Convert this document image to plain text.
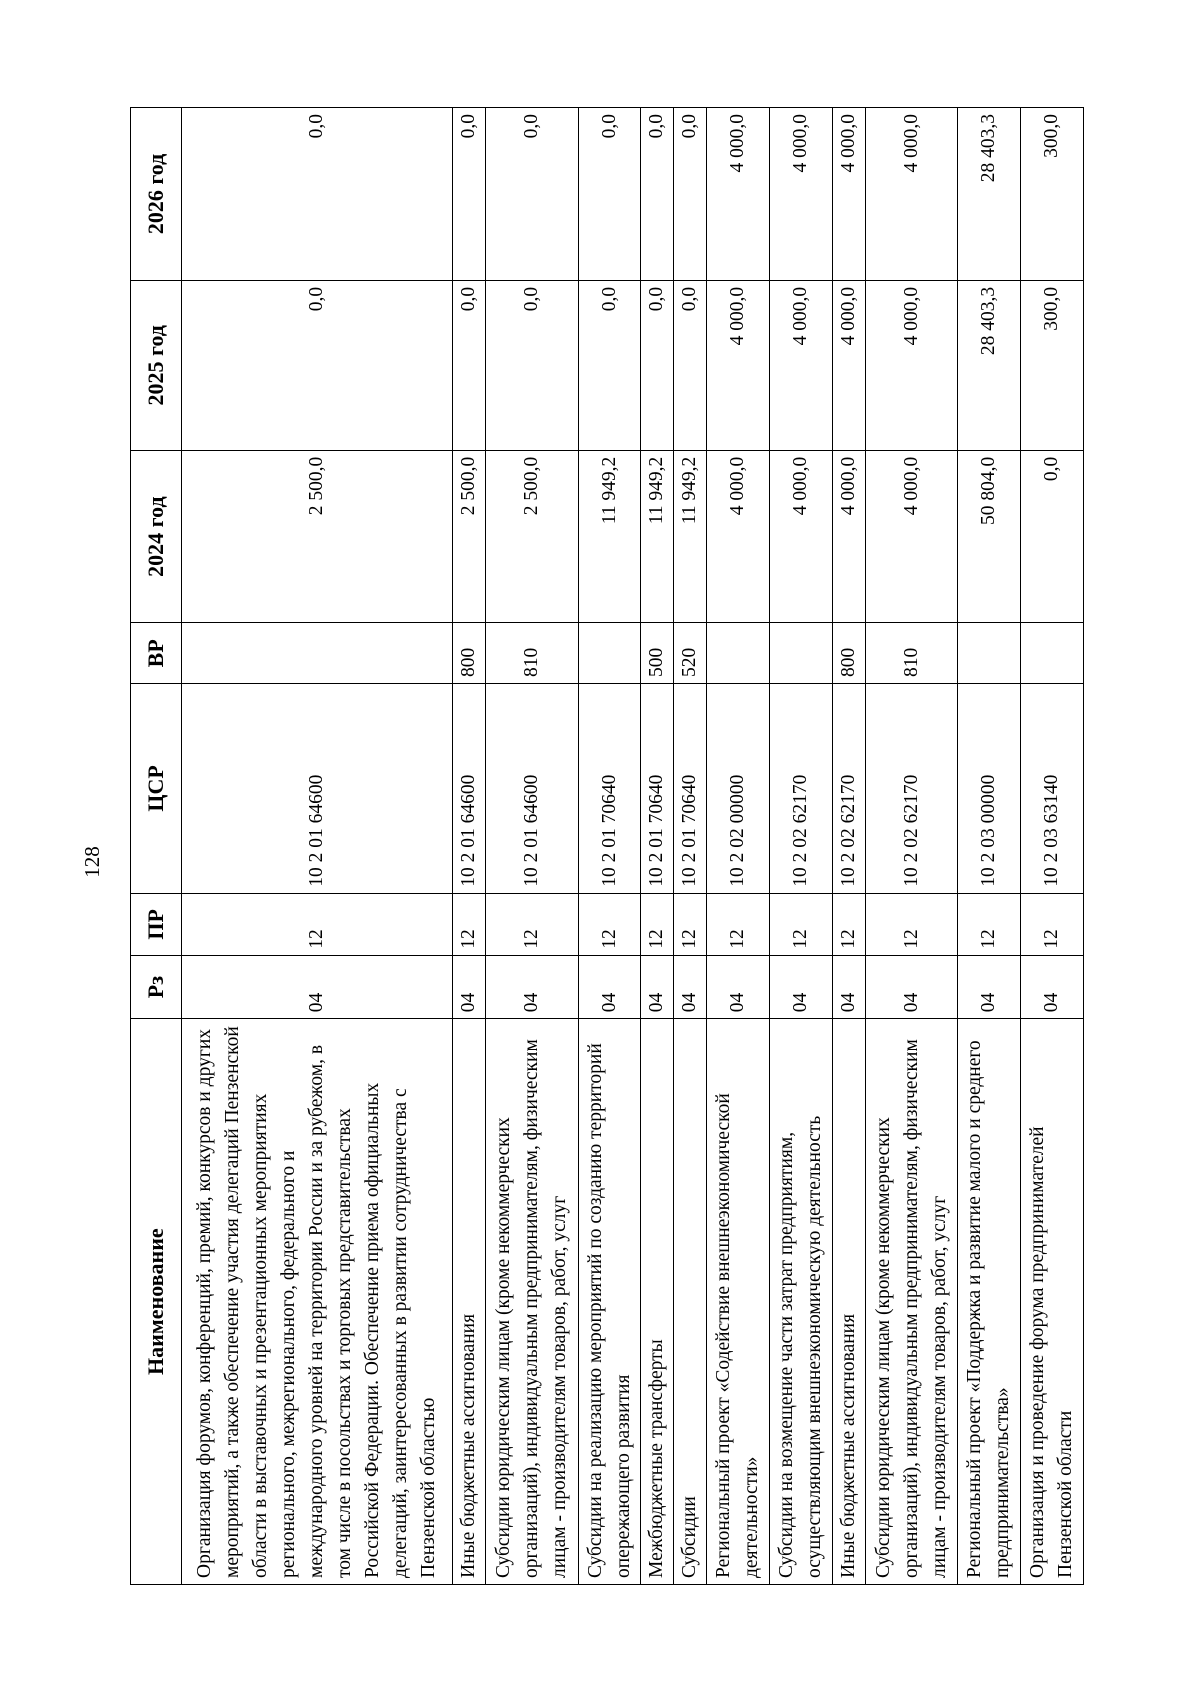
128
Наименование	Рз	ПР	ЦСР	ВР	2024 год	2025 год	2026 год
Организация форумов, конференций, премий, конкурсов и других мероприятий, а также обеспечение участия делегаций Пензенской области в выставочных и презентационных мероприятиях регионального, межрегионального, федерального и международного уровней на территории России и за рубежом, в том числе в посольствах и торговых представительствах Российской Федерации. Обеспечение приема официальных делегаций, заинтересованных в развитии сотрудничества с Пензенской областью	04	12	10 2 01 64600		2 500,0	0,0	0,0
Иные бюджетные ассигнования	04	12	10 2 01 64600	800	2 500,0	0,0	0,0
Субсидии юридическим лицам (кроме некоммерческих организаций), индивидуальным предпринимателям, физическим лицам - производителям товаров, работ, услуг	04	12	10 2 01 64600	810	2 500,0	0,0	0,0
Субсидии на реализацию мероприятий по созданию территорий опережающего развития	04	12	10 2 01 70640		11 949,2	0,0	0,0
Межбюджетные трансферты	04	12	10 2 01 70640	500	11 949,2	0,0	0,0
Субсидии	04	12	10 2 01 70640	520	11 949,2	0,0	0,0
Региональный проект «Содействие внешнеэкономической деятельности»	04	12	10 2 02 00000		4 000,0	4 000,0	4 000,0
Субсидии на возмещение части затрат предприятиям, осуществляющим внешнеэкономическую деятельность	04	12	10 2 02 62170		4 000,0	4 000,0	4 000,0
Иные бюджетные ассигнования	04	12	10 2 02 62170	800	4 000,0	4 000,0	4 000,0
Субсидии юридическим лицам (кроме некоммерческих организаций), индивидуальным предпринимателям, физическим лицам - производителям товаров, работ, услуг	04	12	10 2 02 62170	810	4 000,0	4 000,0	4 000,0
Региональный проект «Поддержка и развитие малого и среднего предпринимательства»	04	12	10 2 03 00000		50 804,0	28 403,3	28 403,3
Организация и проведение форума предпринимателей Пензенской области	04	12	10 2 03 63140		0,0	300,0	300,0
